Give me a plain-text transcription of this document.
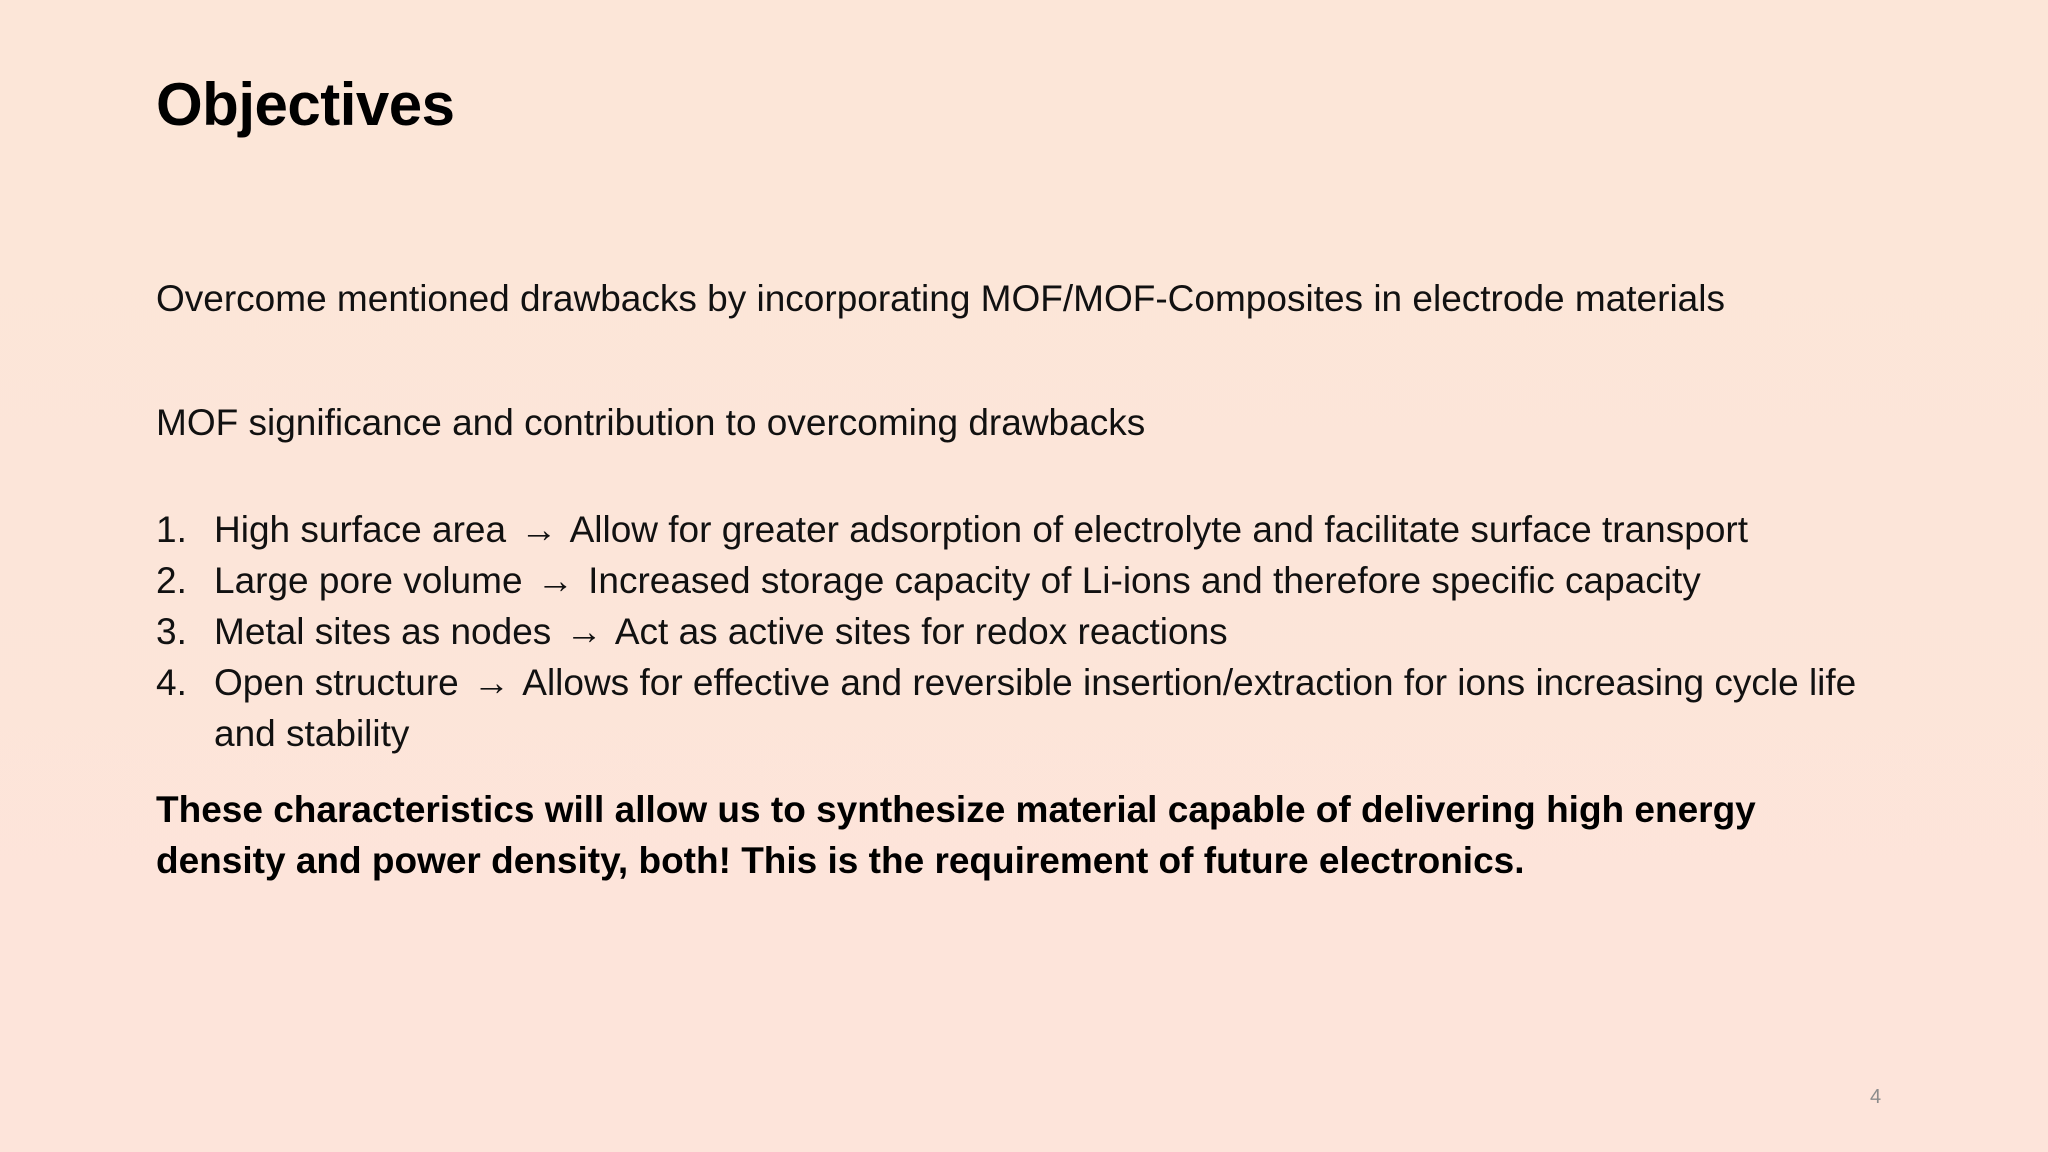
Objectives
Overcome mentioned drawbacks by incorporating MOF/MOF-Composites in electrode materials
MOF significance and contribution to overcoming drawbacks
1. High surface area → Allow for greater adsorption of electrolyte and facilitate surface transport
2. Large pore volume → Increased storage capacity of Li-ions and therefore specific capacity
3. Metal sites as nodes → Act as active sites for redox reactions
4. Open structure → Allows for effective and reversible insertion/extraction for ions increasing cycle life and stability
These characteristics will allow us to synthesize material capable of delivering high energy density and power density, both! This is the requirement of future electronics.
4
